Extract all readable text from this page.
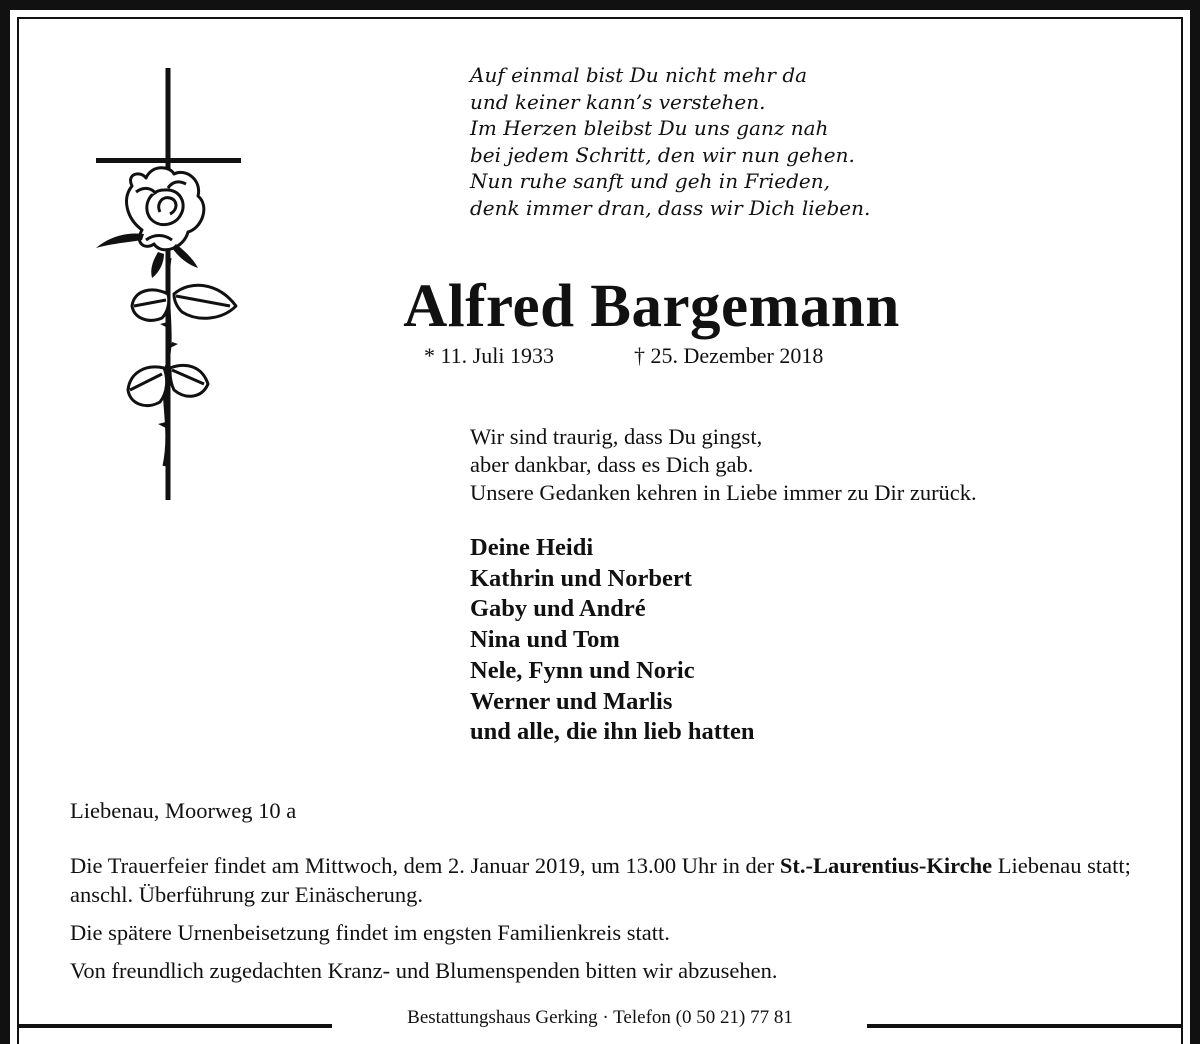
Auf einmal bist Du nicht mehr da
und keiner kann’s verstehen.
Im Herzen bleibst Du uns ganz nah
bei jedem Schritt, den wir nun gehen.
Nun ruhe sanft und geh in Frieden,
denk immer dran, dass wir Dich lieben.
Alfred Bargemann
* 11. Juli 1933	† 25. Dezember 2018
Wir sind traurig, dass Du gingst,
aber dankbar, dass es Dich gab.
Unsere Gedanken kehren in Liebe immer zu Dir zurück.
Deine Heidi
Kathrin und Norbert
Gaby und André
Nina und Tom
Nele, Fynn und Noric
Werner und Marlis
und alle, die ihn lieb hatten
Liebenau, Moorweg 10 a

Die Trauerfeier findet am Mittwoch, dem 2. Januar 2019, um 13.00 Uhr in der St.-Laurentius-Kirche Liebenau statt; anschl. Überführung zur Einäscherung.

Die spätere Urnenbeisetzung findet im engsten Familienkreis statt.

Von freundlich zugedachten Kranz- und Blumenspenden bitten wir abzusehen.

Bestattungshaus Gerking · Telefon (0 50 21) 77 81
